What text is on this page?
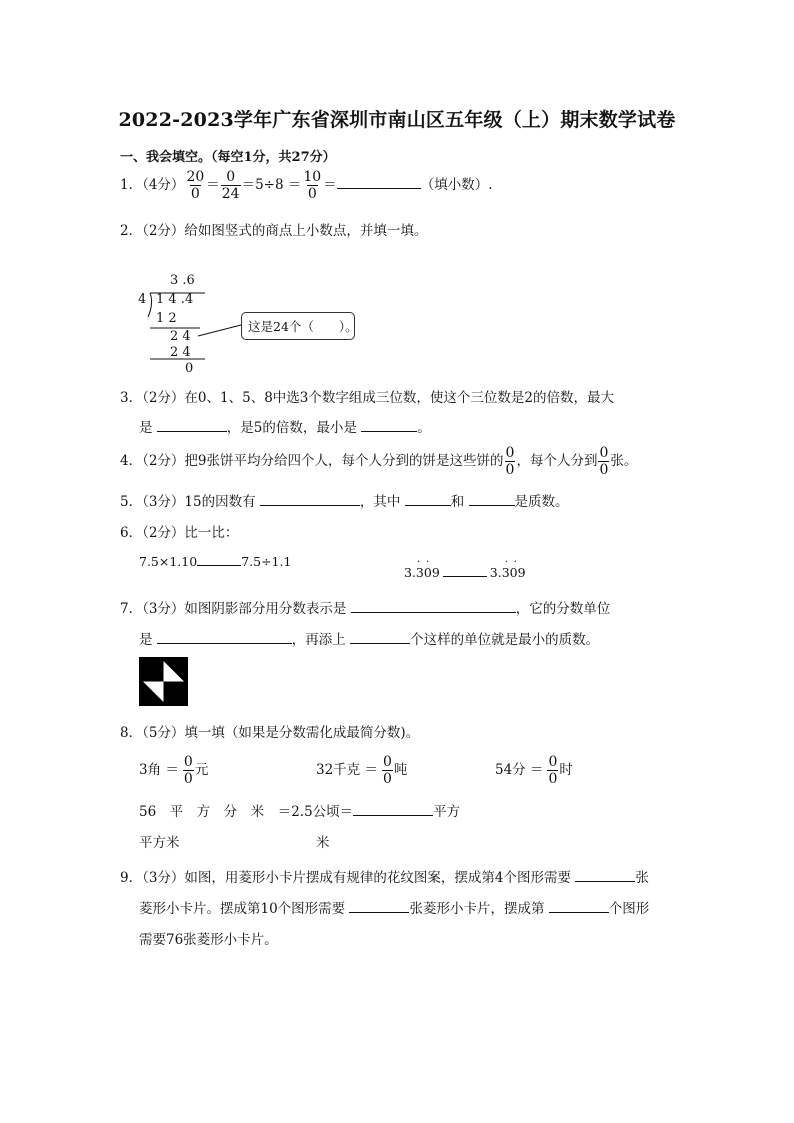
2022-2023学年广东省深圳市南山区五年级（上）期末数学试卷
一、我会填空。（每空1分，共27分）
1．（4分） $\frac{20}{0} = \frac{0}{24} =5\div 8 = \frac{10}{0}$ ＝	（填小数）.
2．（2分）给如图竖式的商点上小数点，并填一填。
3 .6
4 1 4 .4
1 2
2 4
2 4
0
这是24个（　　）。
3．（2分）在0、1、5、8中选3个数字组成三位数，使这个三位数是2的倍数，最大
是	，是5的倍数，最小是	。
4．（2分）把9张饼平均分给四个人，每个人分到的饼是这些饼的 $\frac{0}{0}$ ，每个人分到 $\frac{0}{0}$ 张。
5．（3分）15的因数有	，其中	和	是质数。
6．（2分）比一比：
7.5×1.10	7.5÷1.1	· ·
3.309
· ·
3.309
7．（3分）如图阴影部分用分数表示是	，它的分数单位
是	，再添上	个这样的单位就是最小的质数。
8．（5分）填一填（如果是分数需化成最简分数)。
3角 ＝ $\frac{0}{0}$ 元	32千克 ＝ $\frac{0}{0}$ 吨	54分 ＝ $\frac{0}{0}$ 时
56　平　方　分　米　＝2.5公顷＝	平方
平方米	米
9．（3分）如图，用菱形小卡片摆成有规律的花纹图案，摆成第4个图形需要	张
菱形小卡片。摆成第10个图形需要	张菱形小卡片，摆成第	个图形
需要76张菱形小卡片。
